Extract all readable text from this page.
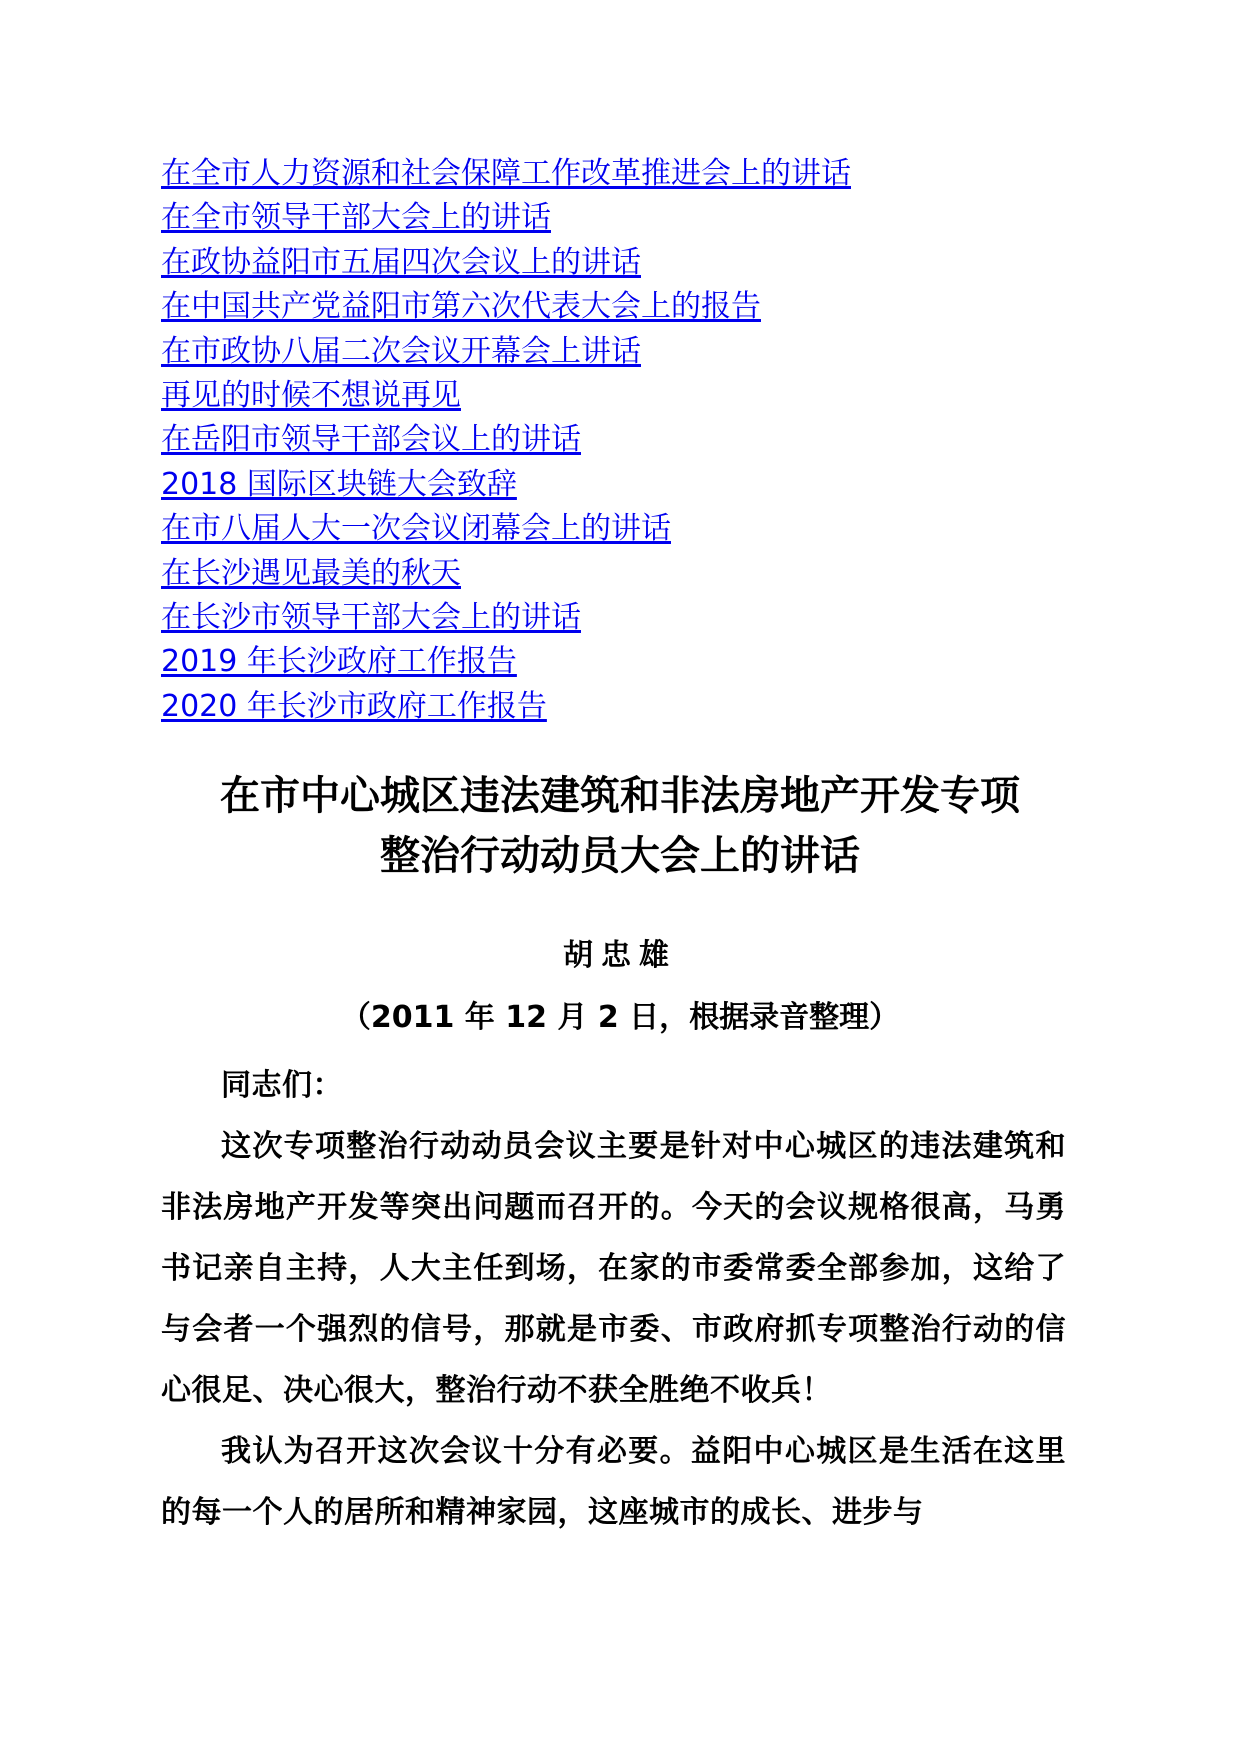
在全市人力资源和社会保障工作改革推进会上的讲话
在全市领导干部大会上的讲话
在政协益阳市五届四次会议上的讲话
在中国共产党益阳市第六次代表大会上的报告
在市政协八届二次会议开幕会上讲话
再见的时候不想说再见
在岳阳市领导干部会议上的讲话
2018 国际区块链大会致辞
在市八届人大一次会议闭幕会上的讲话
在长沙遇见最美的秋天
在长沙市领导干部大会上的讲话
2019 年长沙政府工作报告
2020 年长沙市政府工作报告
在市中心城区违法建筑和非法房地产开发专项
整治行动动员大会上的讲话

胡忠雄

（2011 年 12 月 2 日，根据录音整理）

同志们：

这次专项整治行动动员会议主要是针对中心城区的违法建筑和非法房地产开发等突出问题而召开的。今天的会议规格很高，马勇书记亲自主持，人大主任到场，在家的市委常委全部参加，这给了与会者一个强烈的信号，那就是市委、市政府抓专项整治行动的信心很足、决心很大，整治行动不获全胜绝不收兵！

我认为召开这次会议十分有必要。益阳中心城区是生活在这里的每一个人的居所和精神家园，这座城市的成长、进步与
